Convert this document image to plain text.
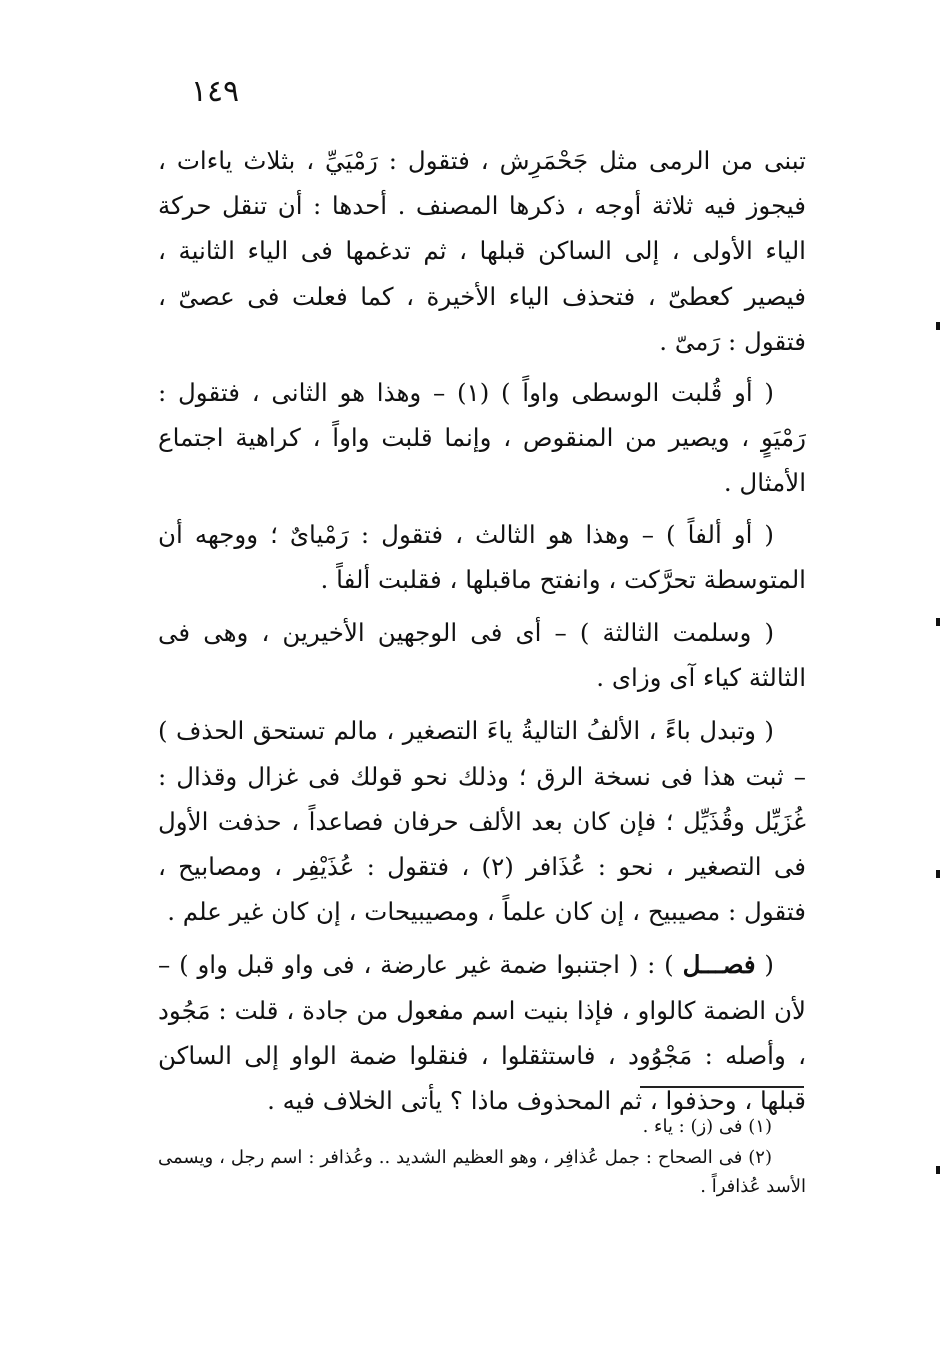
١٤٩

تبنى من الرمى مثل جَحْمَرِش ، فتقول : رَمْيَيِّ ، بثلاث ياءات ، فيجوز فيه ثلاثة أوجه ، ذكرها المصنف . أحدها : أن تنقل حركة الياء الأولى ، إلى الساكن قبلها ، ثم تدغمها فى الياء الثانية ، فيصير كعطىّ ، فتحذف الياء الأخيرة ، كما فعلت فى عصىّ ، فتقول : رَمىّ .

( أو قُلبت الوسطى واواً ) (١) – وهذا هو الثانى ، فتقول : رَمْيَوٍ ، ويصير من المنقوص ، وإنما قلبت واواً ، كراهية اجتماع الأمثال .

( أو ألفاً ) – وهذا هو الثالث ، فتقول : رَمْياىٌ ؛ ووجهه أن المتوسطة تحرَّكت ، وانفتح ماقبلها ، فقلبت ألفاً .

( وسلمت الثالثة ) – أى فى الوجهين الأخيرين ، وهى فى الثالثة كياء آى وزاى .

( وتبدل باءً ، الألفُ التاليةُ ياءَ التصغير ، مالم تستحق الحذف ) – ثبت هذا فى نسخة الرق ؛ وذلك نحو قولك فى غزال وقذال : غُزَيِّل وقُذَيِّل ؛ فإن كان بعد الألف حرفان فصاعداً ، حذفت الأول فى التصغير ، نحو : عُذَافر (٢) ، فتقول : عُذَيْفِر ، ومصابيح ، فتقول : مصيبيح ، إن كان علماً ، ومصيبيحات ، إن كان غير علم .

( فصـــل ) : ( اجتنبوا ضمة غير عارضة ، فى واو قبل واو ) – لأن الضمة كالواو ، فإذا بنيت اسم مفعول من جادة ، قلت : مَجُود ، وأصله : مَجْوُود ، فاستثقلوا ، فنقلوا ضمة الواو إلى الساكن قبلها ، وحذفوا ، ثم المحذوف ماذا ؟ يأتى الخلاف فيه .

(١) فى (ز) : ياء .

(٢) فى الصحاح : جمل عُذافِر ، وهو العظيم الشديد .. وعُذافر : اسم رجل ، ويسمى الأسد عُذافراً .
